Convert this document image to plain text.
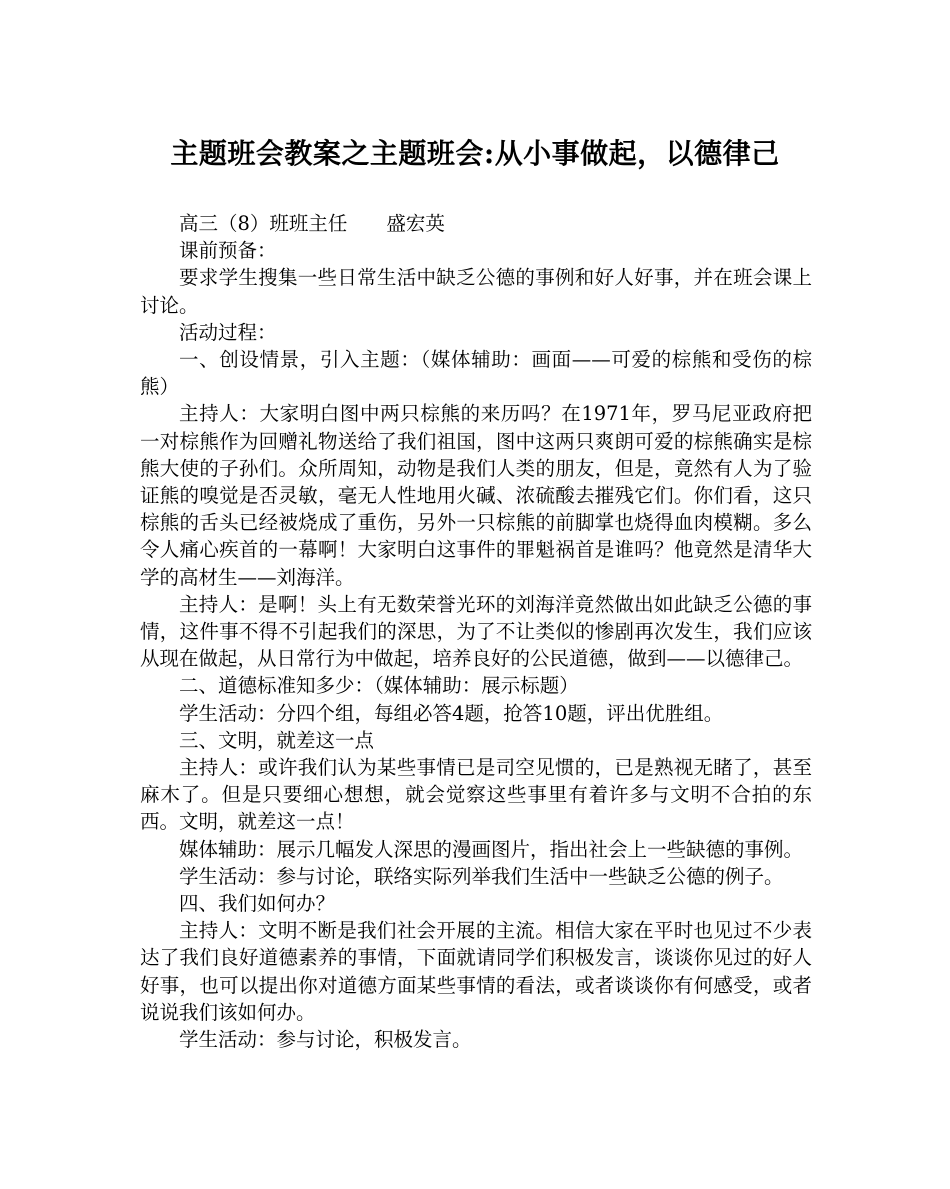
主题班会教案之主题班会:从小事做起，以德律己

高三（8）班班主任　　盛宏英

课前预备：

要求学生搜集一些日常生活中缺乏公德的事例和好人好事，并在班会课上讨论。

活动过程：

一、创设情景，引入主题：（媒体辅助：画面——可爱的棕熊和受伤的棕熊）

主持人：大家明白图中两只棕熊的来历吗？在1971年，罗马尼亚政府把一对棕熊作为回赠礼物送给了我们祖国，图中这两只爽朗可爱的棕熊确实是棕熊大使的子孙们。众所周知，动物是我们人类的朋友，但是，竟然有人为了验证熊的嗅觉是否灵敏，毫无人性地用火碱、浓硫酸去摧残它们。你们看，这只棕熊的舌头已经被烧成了重伤，另外一只棕熊的前脚掌也烧得血肉模糊。多么令人痛心疾首的一幕啊！大家明白这事件的罪魁祸首是谁吗？他竟然是清华大学的高材生——刘海洋。

主持人：是啊！头上有无数荣誉光环的刘海洋竟然做出如此缺乏公德的事情，这件事不得不引起我们的深思，为了不让类似的惨剧再次发生，我们应该从现在做起，从日常行为中做起，培养良好的公民道德，做到——以德律己。

二、道德标准知多少：（媒体辅助：展示标题）

学生活动：分四个组，每组必答4题，抢答10题，评出优胜组。

三、文明，就差这一点

主持人：或许我们认为某些事情已是司空见惯的，已是熟视无睹了，甚至麻木了。但是只要细心想想，就会觉察这些事里有着许多与文明不合拍的东西。文明，就差这一点！

媒体辅助：展示几幅发人深思的漫画图片，指出社会上一些缺德的事例。

学生活动：参与讨论，联络实际列举我们生活中一些缺乏公德的例子。

四、我们如何办？

主持人：文明不断是我们社会开展的主流。相信大家在平时也见过不少表达了我们良好道德素养的事情，下面就请同学们积极发言，谈谈你见过的好人好事，也可以提出你对道德方面某些事情的看法，或者谈谈你有何感受，或者说说我们该如何办。

学生活动：参与讨论，积极发言。
